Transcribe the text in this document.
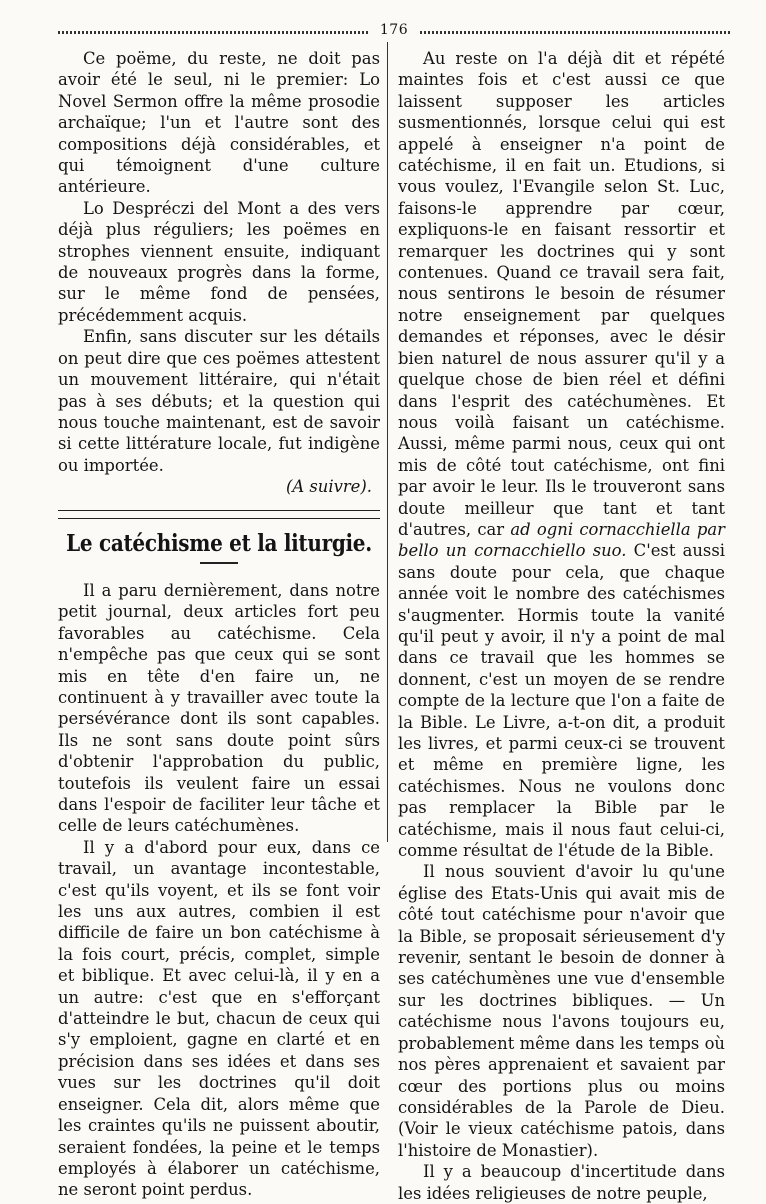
176

Ce poëme, du reste, ne doit pas avoir été le seul, ni le premier: Lo Novel Sermon offre la même prosodie archaïque; l'un et l'autre sont des compositions déjà considérables, et qui témoignent d'une culture antérieure.

Lo Despréczi del Mont a des vers déjà plus réguliers; les poëmes en strophes viennent ensuite, indiquant de nouveaux progrès dans la forme, sur le même fond de pensées, précédemment acquis.

Enfin, sans discuter sur les détails on peut dire que ces poëmes attestent un mouvement littéraire, qui n'était pas à ses débuts; et la question qui nous touche maintenant, est de savoir si cette littérature locale, fut indigène ou importée.

(A suivre).

Le catéchisme et la liturgie.

Il a paru dernièrement, dans notre petit journal, deux articles fort peu favorables au catéchisme. Cela n'empêche pas que ceux qui se sont mis en tête d'en faire un, ne continuent à y travailler avec toute la persévérance dont ils sont capables. Ils ne sont sans doute point sûrs d'obtenir l'approbation du public, toutefois ils veulent faire un essai dans l'espoir de faciliter leur tâche et celle de leurs catéchumènes.

Il y a d'abord pour eux, dans ce travail, un avantage incontestable, c'est qu'ils voyent, et ils se font voir les uns aux autres, combien il est difficile de faire un bon catéchisme à la fois court, précis, complet, simple et biblique. Et avec celui-là, il y en a un autre: c'est que en s'efforçant d'atteindre le but, chacun de ceux qui s'y emploient, gagne en clarté et en précision dans ses idées et dans ses vues sur les doctrines qu'il doit enseigner. Cela dit, alors même que les craintes qu'ils ne puissent aboutir, seraient fondées, la peine et le temps employés à élaborer un catéchisme, ne seront point perdus.

Au reste on l'a déjà dit et répété maintes fois et c'est aussi ce que laissent supposer les articles susmentionnés, lorsque celui qui est appelé à enseigner n'a point de catéchisme, il en fait un. Etudions, si vous voulez, l'Evangile selon St. Luc, faisons-le apprendre par cœur, expliquons-le en faisant ressortir et remarquer les doctrines qui y sont contenues. Quand ce travail sera fait, nous sentirons le besoin de résumer notre enseignement par quelques demandes et réponses, avec le désir bien naturel de nous assurer qu'il y a quelque chose de bien réel et défini dans l'esprit des catéchumènes. Et nous voilà faisant un catéchisme. Aussi, même parmi nous, ceux qui ont mis de côté tout catéchisme, ont fini par avoir le leur. Ils le trouveront sans doute meilleur que tant et tant d'autres, car ad ogni cornacchiella par bello un cornacchiello suo. C'est aussi sans doute pour cela, que chaque année voit le nombre des catéchismes s'augmenter. Hormis toute la vanité qu'il peut y avoir, il n'y a point de mal dans ce travail que les hommes se donnent, c'est un moyen de se rendre compte de la lecture que l'on a faite de la Bible. Le Livre, a-t-on dit, a produit les livres, et parmi ceux-ci se trouvent et même en première ligne, les catéchismes. Nous ne voulons donc pas remplacer la Bible par le catéchisme, mais il nous faut celui-ci, comme résultat de l'étude de la Bible.

Il nous souvient d'avoir lu qu'une église des Etats-Unis qui avait mis de côté tout catéchisme pour n'avoir que la Bible, se proposait sérieusement d'y revenir, sentant le besoin de donner à ses catéchumènes une vue d'ensemble sur les doctrines bibliques. — Un catéchisme nous l'avons toujours eu, probablement même dans les temps où nos pères apprenaient et savaient par cœur des portions plus ou moins considérables de la Parole de Dieu. (Voir le vieux catéchisme patois, dans l'histoire de Monastier).

Il y a beaucoup d'incertitude dans les idées religieuses de notre peuple,
